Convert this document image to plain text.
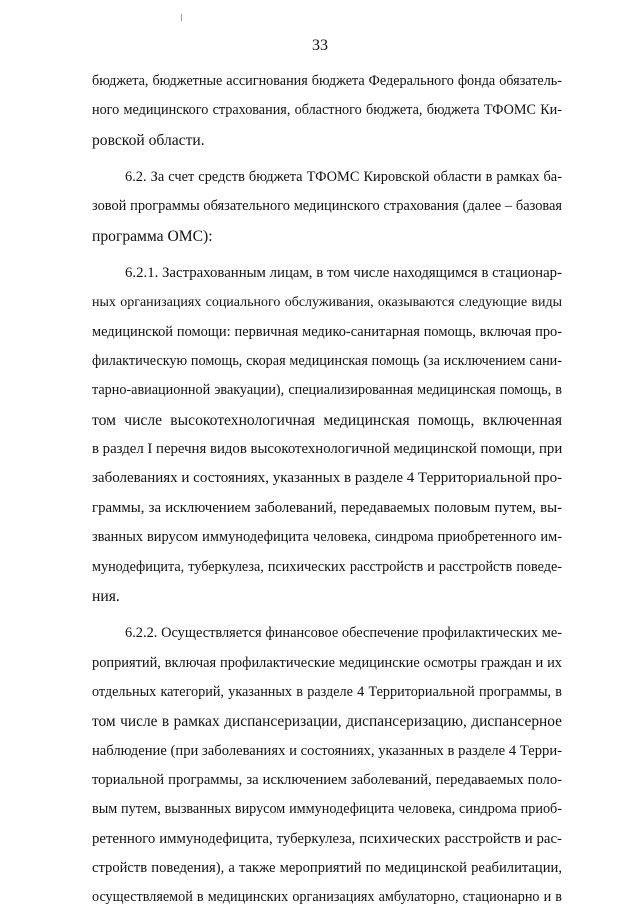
33
бюджета, бюджетные ассигнования бюджета Федерального фонда обязатель-
ного медицинского страхования, областного бюджета, бюджета ТФОМС Ки-
ровской области.
6.2. За счет средств бюджета ТФОМС Кировской области в рамках ба-
зовой программы обязательного медицинского страхования (далее – базовая
программа ОМС):
6.2.1. Застрахованным лицам, в том числе находящимся в стационар-
ных организациях социального обслуживания, оказываются следующие виды
медицинской помощи: первичная медико-санитарная помощь, включая про-
филактическую помощь, скорая медицинская помощь (за исключением сани-
тарно-авиационной эвакуации), специализированная медицинская помощь, в
том числе высокотехнологичная медицинская помощь, включенная
в раздел I перечня видов высокотехнологичной медицинской помощи, при
заболеваниях и состояниях, указанных в разделе 4 Территориальной про-
граммы, за исключением заболеваний, передаваемых половым путем, вы-
званных вирусом иммунодефицита человека, синдрома приобретенного им-
мунодефицита, туберкулеза, психических расстройств и расстройств поведе-
ния.
6.2.2. Осуществляется финансовое обеспечение профилактических ме-
роприятий, включая профилактические медицинские осмотры граждан и их
отдельных категорий, указанных в разделе 4 Территориальной программы, в
том числе в рамках диспансеризации, диспансеризацию, диспансерное
наблюдение (при заболеваниях и состояниях, указанных в разделе 4 Терри-
ториальной программы, за исключением заболеваний, передаваемых поло-
вым путем, вызванных вирусом иммунодефицита человека, синдрома приоб-
ретенного иммунодефицита, туберкулеза, психических расстройств и рас-
стройств поведения), а также мероприятий по медицинской реабилитации,
осуществляемой в медицинских организациях амбулаторно, стационарно и в
